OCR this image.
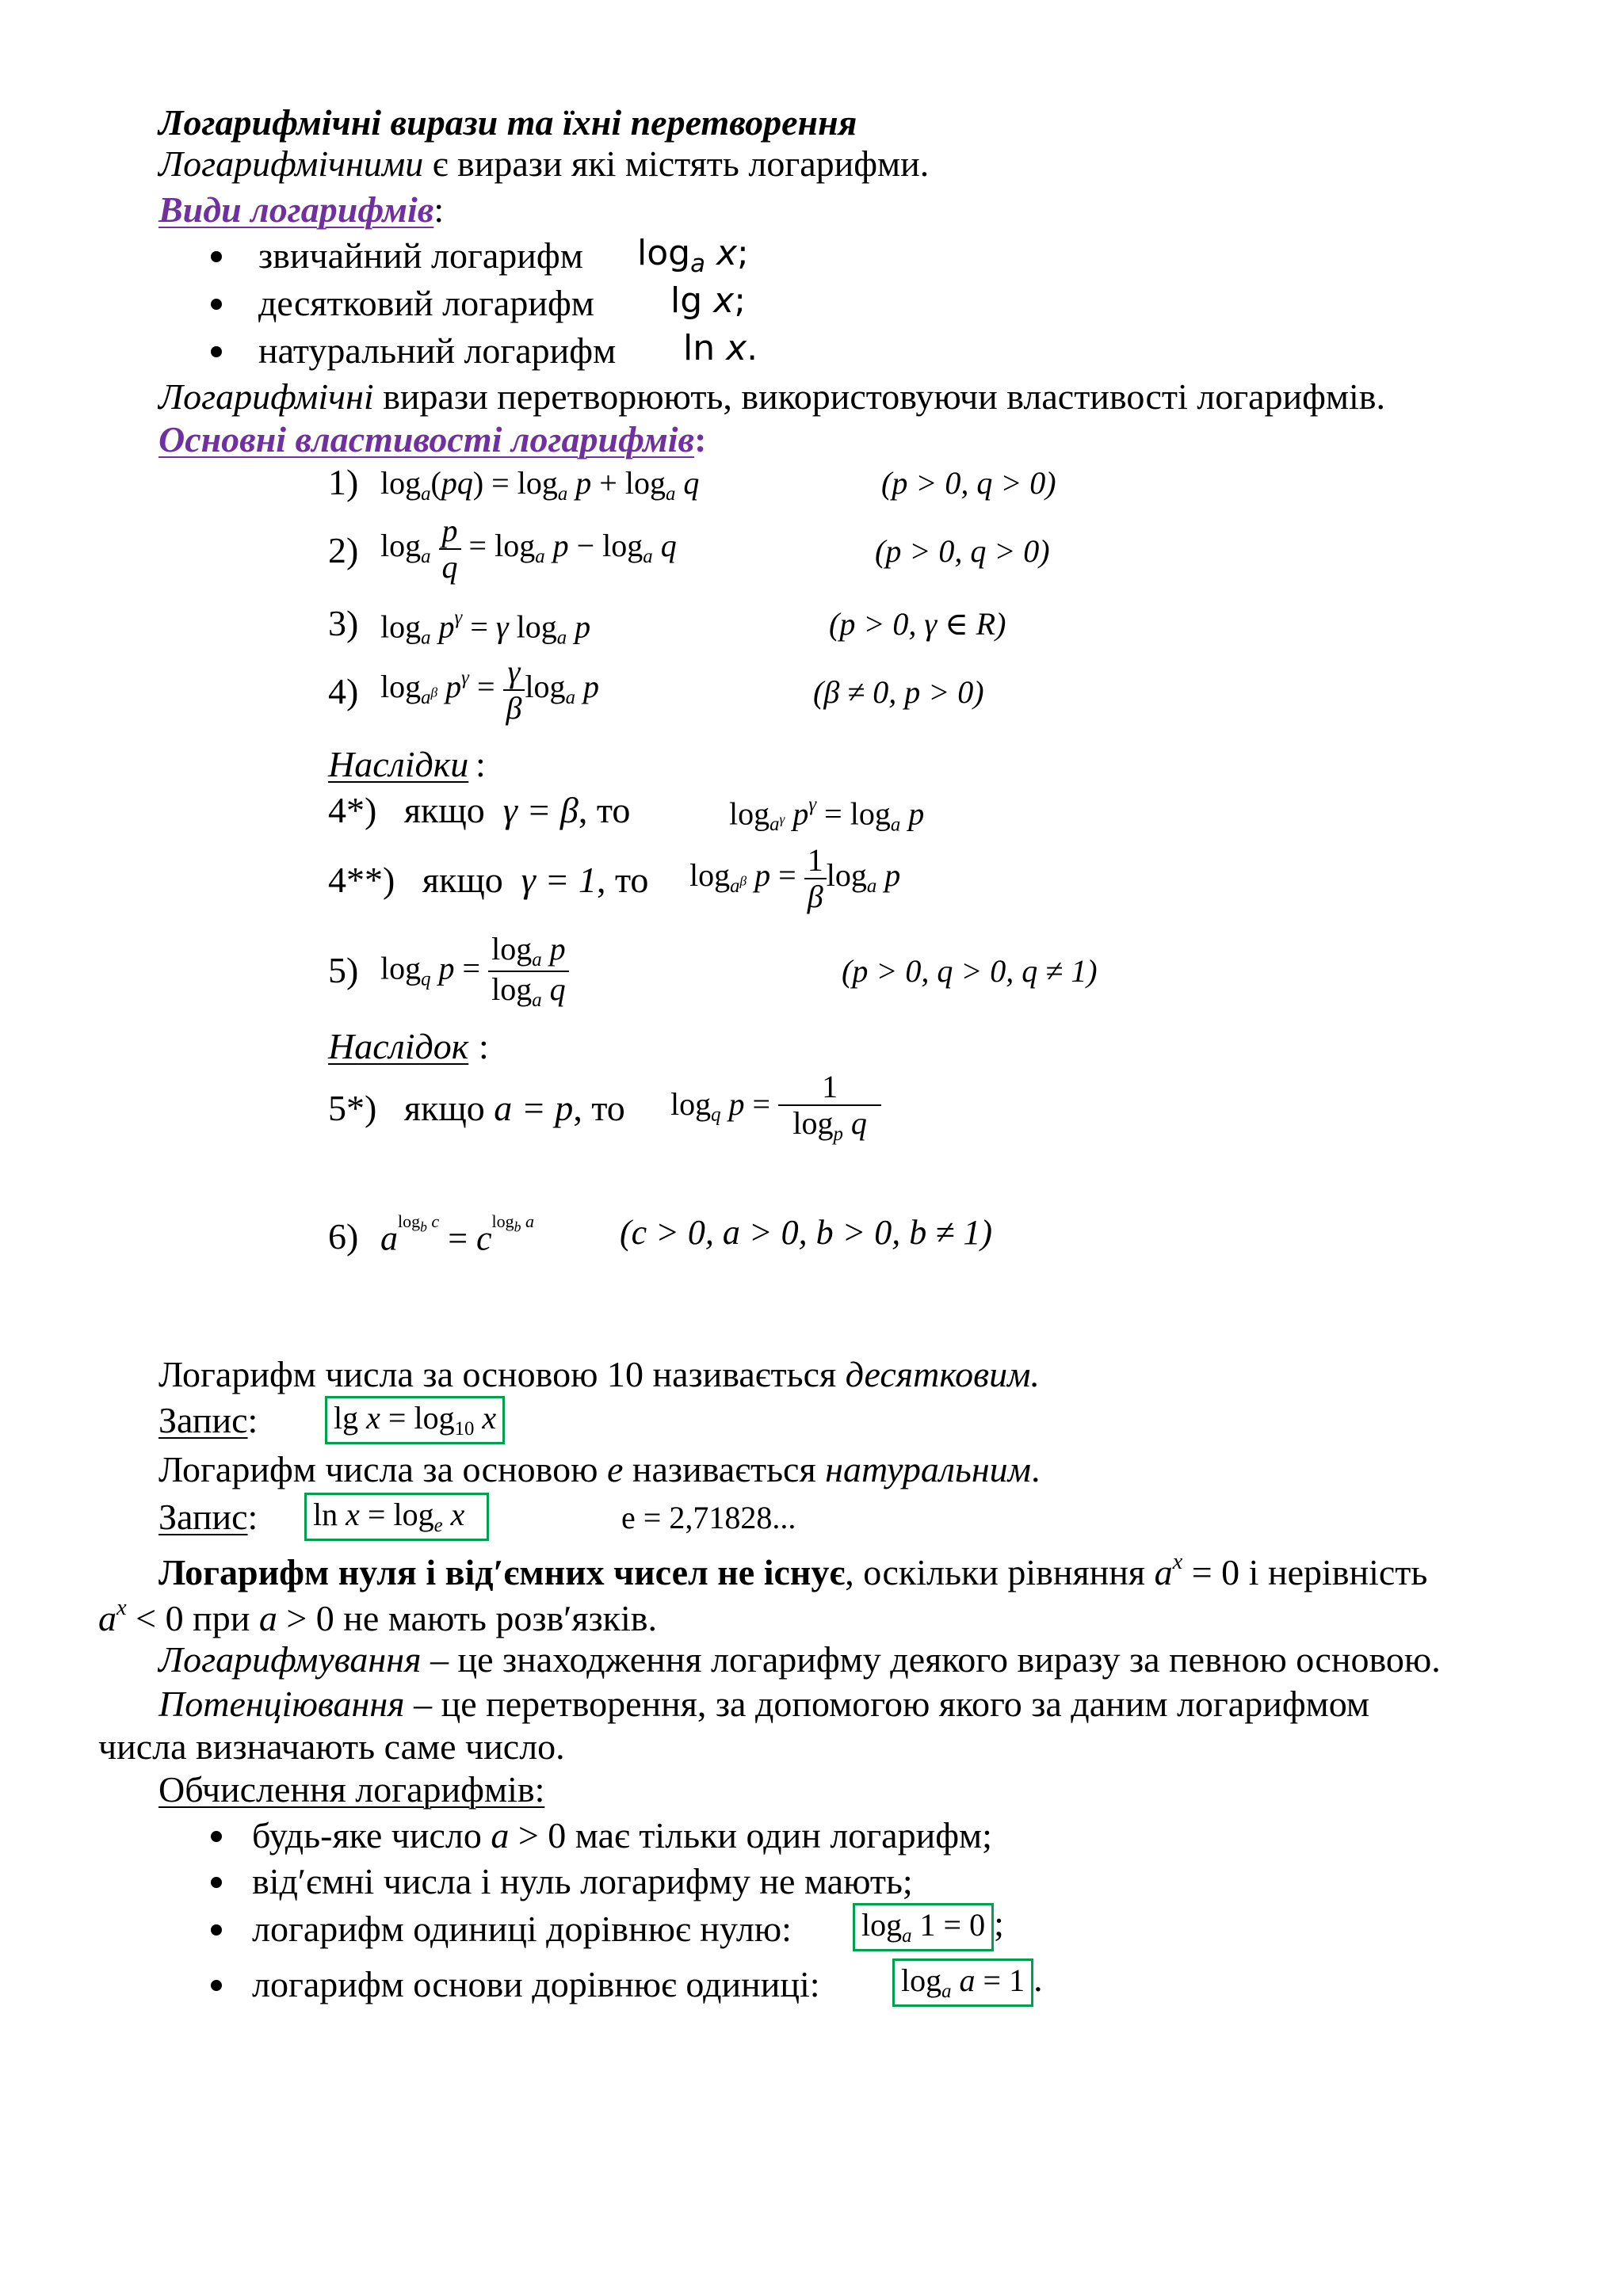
Логарифмічні вирази та їхні перетворення
Логарифмічними є вирази які містять логарифми.
Види логарифмів:
звичайний логарифм $\log_a x$;
десятковий логарифм lg x;
натуральний логарифм ln x.
Логарифмічні вирази перетворюють, використовуючи властивості логарифмів.
Основні властивості логарифмів:
1) $\log_a(pq) = \log_a p + \log_a q$	(p > 0, q > 0)
2) $\log_a \frac{p}{q} = \log_a p - \log_a q$	(p > 0, q > 0)
3) $\log_a p^\gamma = \gamma$ $\log_a p$	(p > 0, γ ∈ R)
4) $\log_{a^\beta} p^\gamma = \frac{\gamma}{\beta} \log_a p$	(β ≠ 0, p > 0)
Наслідки :
4*) якщо γ = β, то	$\log_{a^\gamma} p^\gamma = \log_a p$
4**) якщо γ = 1, то $\log_{a^\beta} p = \frac{1}{\beta} \log_a p$
5) $\log_q p = \frac{\log_a p}{\log_a q}$	(p > 0, q > 0, q ≠ 1)
Наслідок :
5*) якщо a = p, то $\log_q p = \frac{1}{\log_p q}$
6) $a^{log_b c} = c^{log_b a}$ (c > 0, a > 0, b > 0, b ≠ 1)
Логарифм числа за основою 10 називається десятковим.
Запис: $\lg x = \log_{10} x$
Логарифм числа за основою e називається натуральним.
Запис: $\ln x = \log_e x$	e = 2,71828...
Логарифм нуля і відʹємних чисел не існує, оскільки рівняння $a^x = 0$ і нерівність
$a^x < 0$ при a > 0 не мають розвʹязків.
Логарифмування – це знаходження логарифму деякого виразу за певною основою.
Потенціювання – це перетворення, за допомогою якого за даним логарифмом
числа визначають саме число.
Обчислення логарифмів:
будь-яке число a > 0 має тільки один логарифм;
відʹємні числа і нуль логарифму не мають;
логарифм одиниці дорівнює нулю: $\log_a 1 = 0$ ;
логарифм основи дорівнює одиниці:	$\log_a a = 1$ .
